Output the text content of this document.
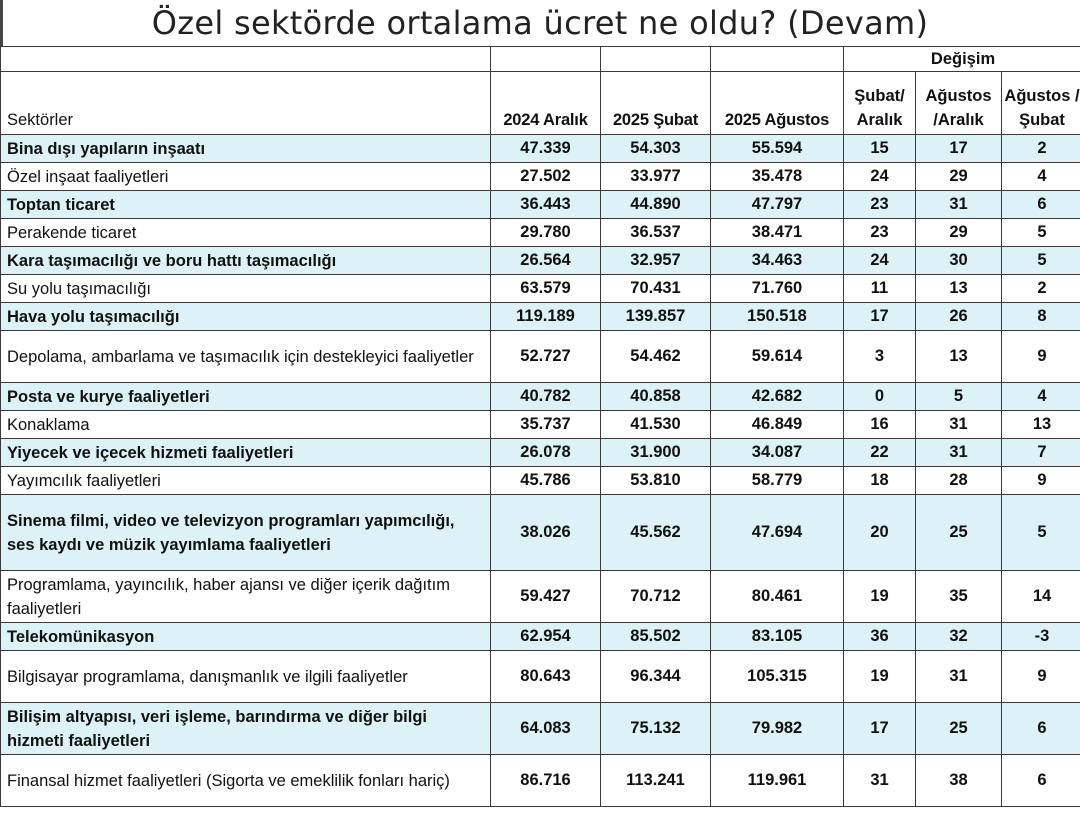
Özel sektörde ortalama ücret ne oldu? (Devam)
				Değişim		
Sektörler	2024 Aralık	2025 Şubat	2025 Ağustos	Şubat/ Aralık	Ağustos /Aralık	Ağustos /Şubat
Bina dışı yapıların inşaatı	47.339	54.303	55.594	15	17	2
Özel inşaat faaliyetleri	27.502	33.977	35.478	24	29	4
Toptan ticaret	36.443	44.890	47.797	23	31	6
Perakende ticaret	29.780	36.537	38.471	23	29	5
Kara taşımacılığı ve boru hattı taşımacılığı	26.564	32.957	34.463	24	30	5
Su yolu taşımacılığı	63.579	70.431	71.760	11	13	2
Hava yolu taşımacılığı	119.189	139.857	150.518	17	26	8
Depolama, ambarlama ve taşımacılık için destekleyici faaliyetler	52.727	54.462	59.614	3	13	9
Posta ve kurye faaliyetleri	40.782	40.858	42.682	0	5	4
Konaklama	35.737	41.530	46.849	16	31	13
Yiyecek ve içecek hizmeti faaliyetleri	26.078	31.900	34.087	22	31	7
Yayımcılık faaliyetleri	45.786	53.810	58.779	18	28	9
Sinema filmi, video ve televizyon programları yapımcılığı, ses kaydı ve müzik yayımlama faaliyetleri	38.026	45.562	47.694	20	25	5
Programlama, yayıncılık, haber ajansı ve diğer içerik dağıtım faaliyetleri	59.427	70.712	80.461	19	35	14
Telekomünikasyon	62.954	85.502	83.105	36	32	-3
Bilgisayar programlama, danışmanlık ve ilgili faaliyetler	80.643	96.344	105.315	19	31	9
Bilişim altyapısı, veri işleme, barındırma ve diğer bilgi hizmeti faaliyetleri	64.083	75.132	79.982	17	25	6
Finansal hizmet faaliyetleri (Sigorta ve emeklilik fonları hariç)	86.716	113.241	119.961	31	38	6
